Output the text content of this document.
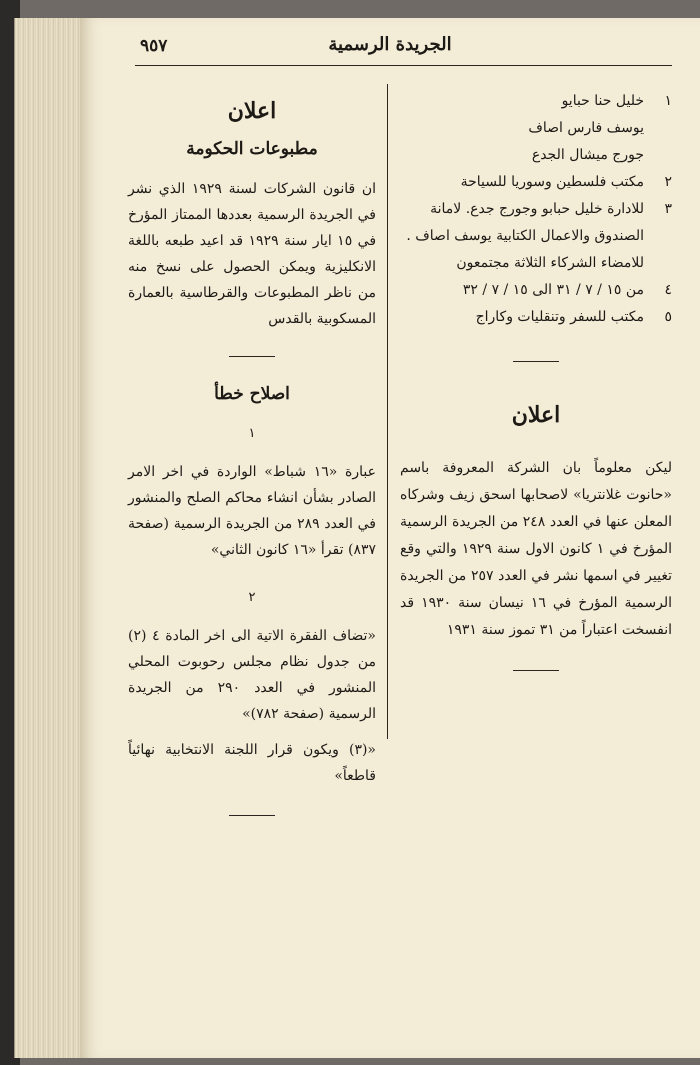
٩٥٧	الجريدة الرسمية
١
خليل حنا حبايو
يوسف فارس اصاف
جورج ميشال الجدع
٢
مكتب فلسطين وسوريا للسياحة
٣
للادارة خليل حبابو وجورج جدع. لامانة الصندوق والاعمال الكتابية يوسف اصاف . للامضاء الشركاء الثلاثة مجتمعون
٤
من ١٥ / ٧ / ٣١ الى ١٥ / ٧ / ٣٢
٥
مكتب للسفر وتنقليات وكاراج
اعلان

ليكن معلوماً بان الشركة المعروفة باسم «حانوت غلانتريا» لاصحابها اسحق زيف وشركاه المعلن عنها في العدد ٢٤٨ من الجريدة الرسمية المؤرخ في ١ كانون الاول سنة ١٩٢٩ والتي وقع تغيير في اسمها نشر في العدد ٢٥٧ من الجريدة الرسمية المؤرخ في ١٦ نيسان سنة ١٩٣٠ قد انفسخت اعتباراً من ٣١ تموز سنة ١٩٣١

اعلان
مطبوعات الحكومة

ان قانون الشركات لسنة ١٩٢٩ الذي نشر في الجريدة الرسمية بعددها الممتاز المؤرخ في ١٥ ايار سنة ١٩٢٩ قد اعيد طبعه باللغة الانكليزية ويمكن الحصول على نسخ منه من ناظر المطبوعات والقرطاسية بالعمارة المسكوبية بالقدس

اصلاح خطأ
١

عبارة «١٦ شباط» الواردة في اخر الامر الصادر بشأن انشاء محاكم الصلح والمنشور في العدد ٢٨٩ من الجريدة الرسمية (صفحة ٨٣٧) تقرأ «١٦ كانون الثاني»

٢

«تضاف الفقرة الاتية الى اخر المادة ٤ (٢) من جدول نظام مجلس رحوبوت المحلي المنشور في العدد ٢٩٠ من الجريدة الرسمية (صفحة ٧٨٢)»

«(٣) ويكون قرار اللجنة الانتخابية نهائياً قاطعاً»
